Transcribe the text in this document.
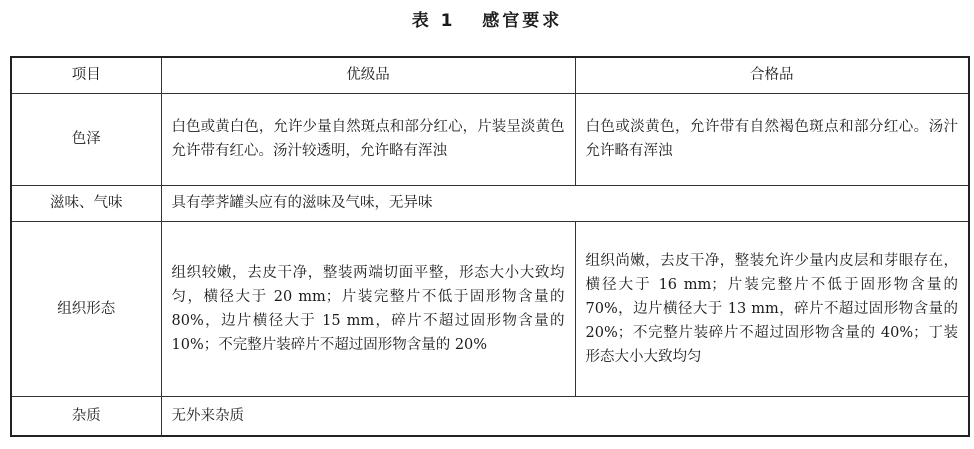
表 1   感官要求
项目	优级品	合格品
色泽	白色或黄白色，允许少量自然斑点和部分红心，片装呈淡黄色允许带有红心。汤汁较透明，允许略有浑浊	白色或淡黄色，允许带有自然褐色斑点和部分红心。汤汁允许略有浑浊
滋味、气味	具有荸荠罐头应有的滋味及气味，无异味	
组织形态	组织较嫩，去皮干净，整装两端切面平整，形态大小大致均匀，横径大于 20 mm；片装完整片不低于固形物含量的 80%，边片横径大于 15 mm，碎片不超过固形物含量的 10%；不完整片装碎片不超过固形物含量的 20%	组织尚嫩，去皮干净，整装允许少量内皮层和芽眼存在，横径大于 16 mm；片装完整片不低于固形物含量的 70%，边片横径大于 13 mm，碎片不超过固形物含量的 20%；不完整片装碎片不超过固形物含量的 40%；丁装形态大小大致均匀
杂质	无外来杂质	
